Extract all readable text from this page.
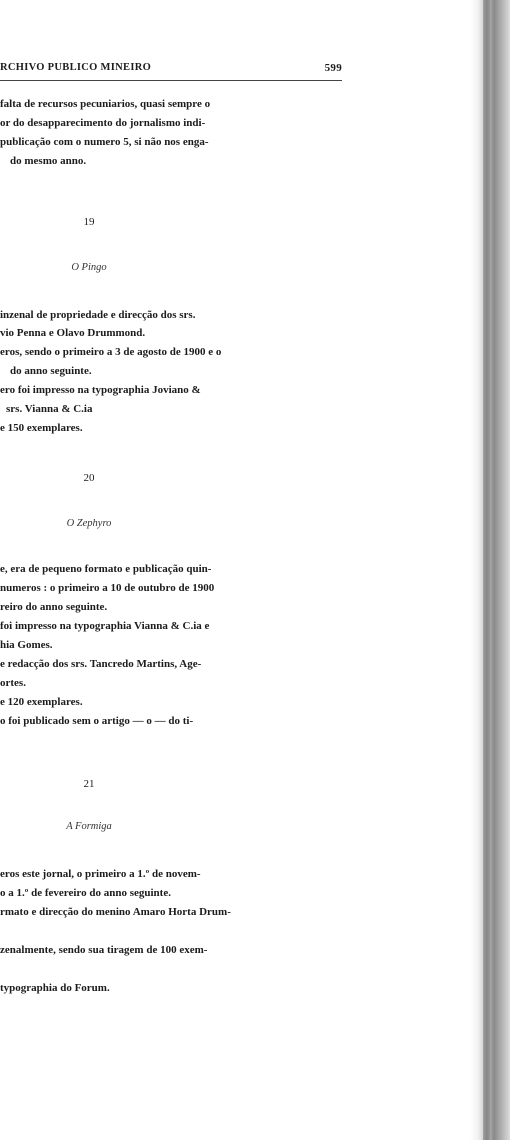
RCHIVO PUBLICO MINEIRO	599
falta de recursos pecuniarios, quasi sempre o
or do desapparecimento do jornalismo indi-
publicação com o numero 5, si não nos enga-
do mesmo anno.
19
O Pingo
inzenal de propriedade e direcção dos srs.
vio Penna e Olavo Drummond.
eros, sendo o primeiro a 3 de agosto de 1900 e o
do anno seguinte.
ero foi impresso na typographia Joviano &
srs. Vianna & C.ia
e 150 exemplares.
20
O Zephyro
e, era de pequeno formato e publicação quin-
numeros : o primeiro a 10 de outubro de 1900
reiro do anno seguinte.
foi impresso na typographia Vianna & C.ia e
hia Gomes.
e redacção dos srs. Tancredo Martins, Age-
ortes.
e 120 exemplares.
o foi publicado sem o artigo — o — do ti-
21
A Formiga
eros este jornal, o primeiro a 1.º de novem-
o a 1.º de fevereiro do anno seguinte.
rmato e direcção do menino Amaro Horta Drum-
zenalmente, sendo sua tiragem de 100 exem-
typographia do Forum.
